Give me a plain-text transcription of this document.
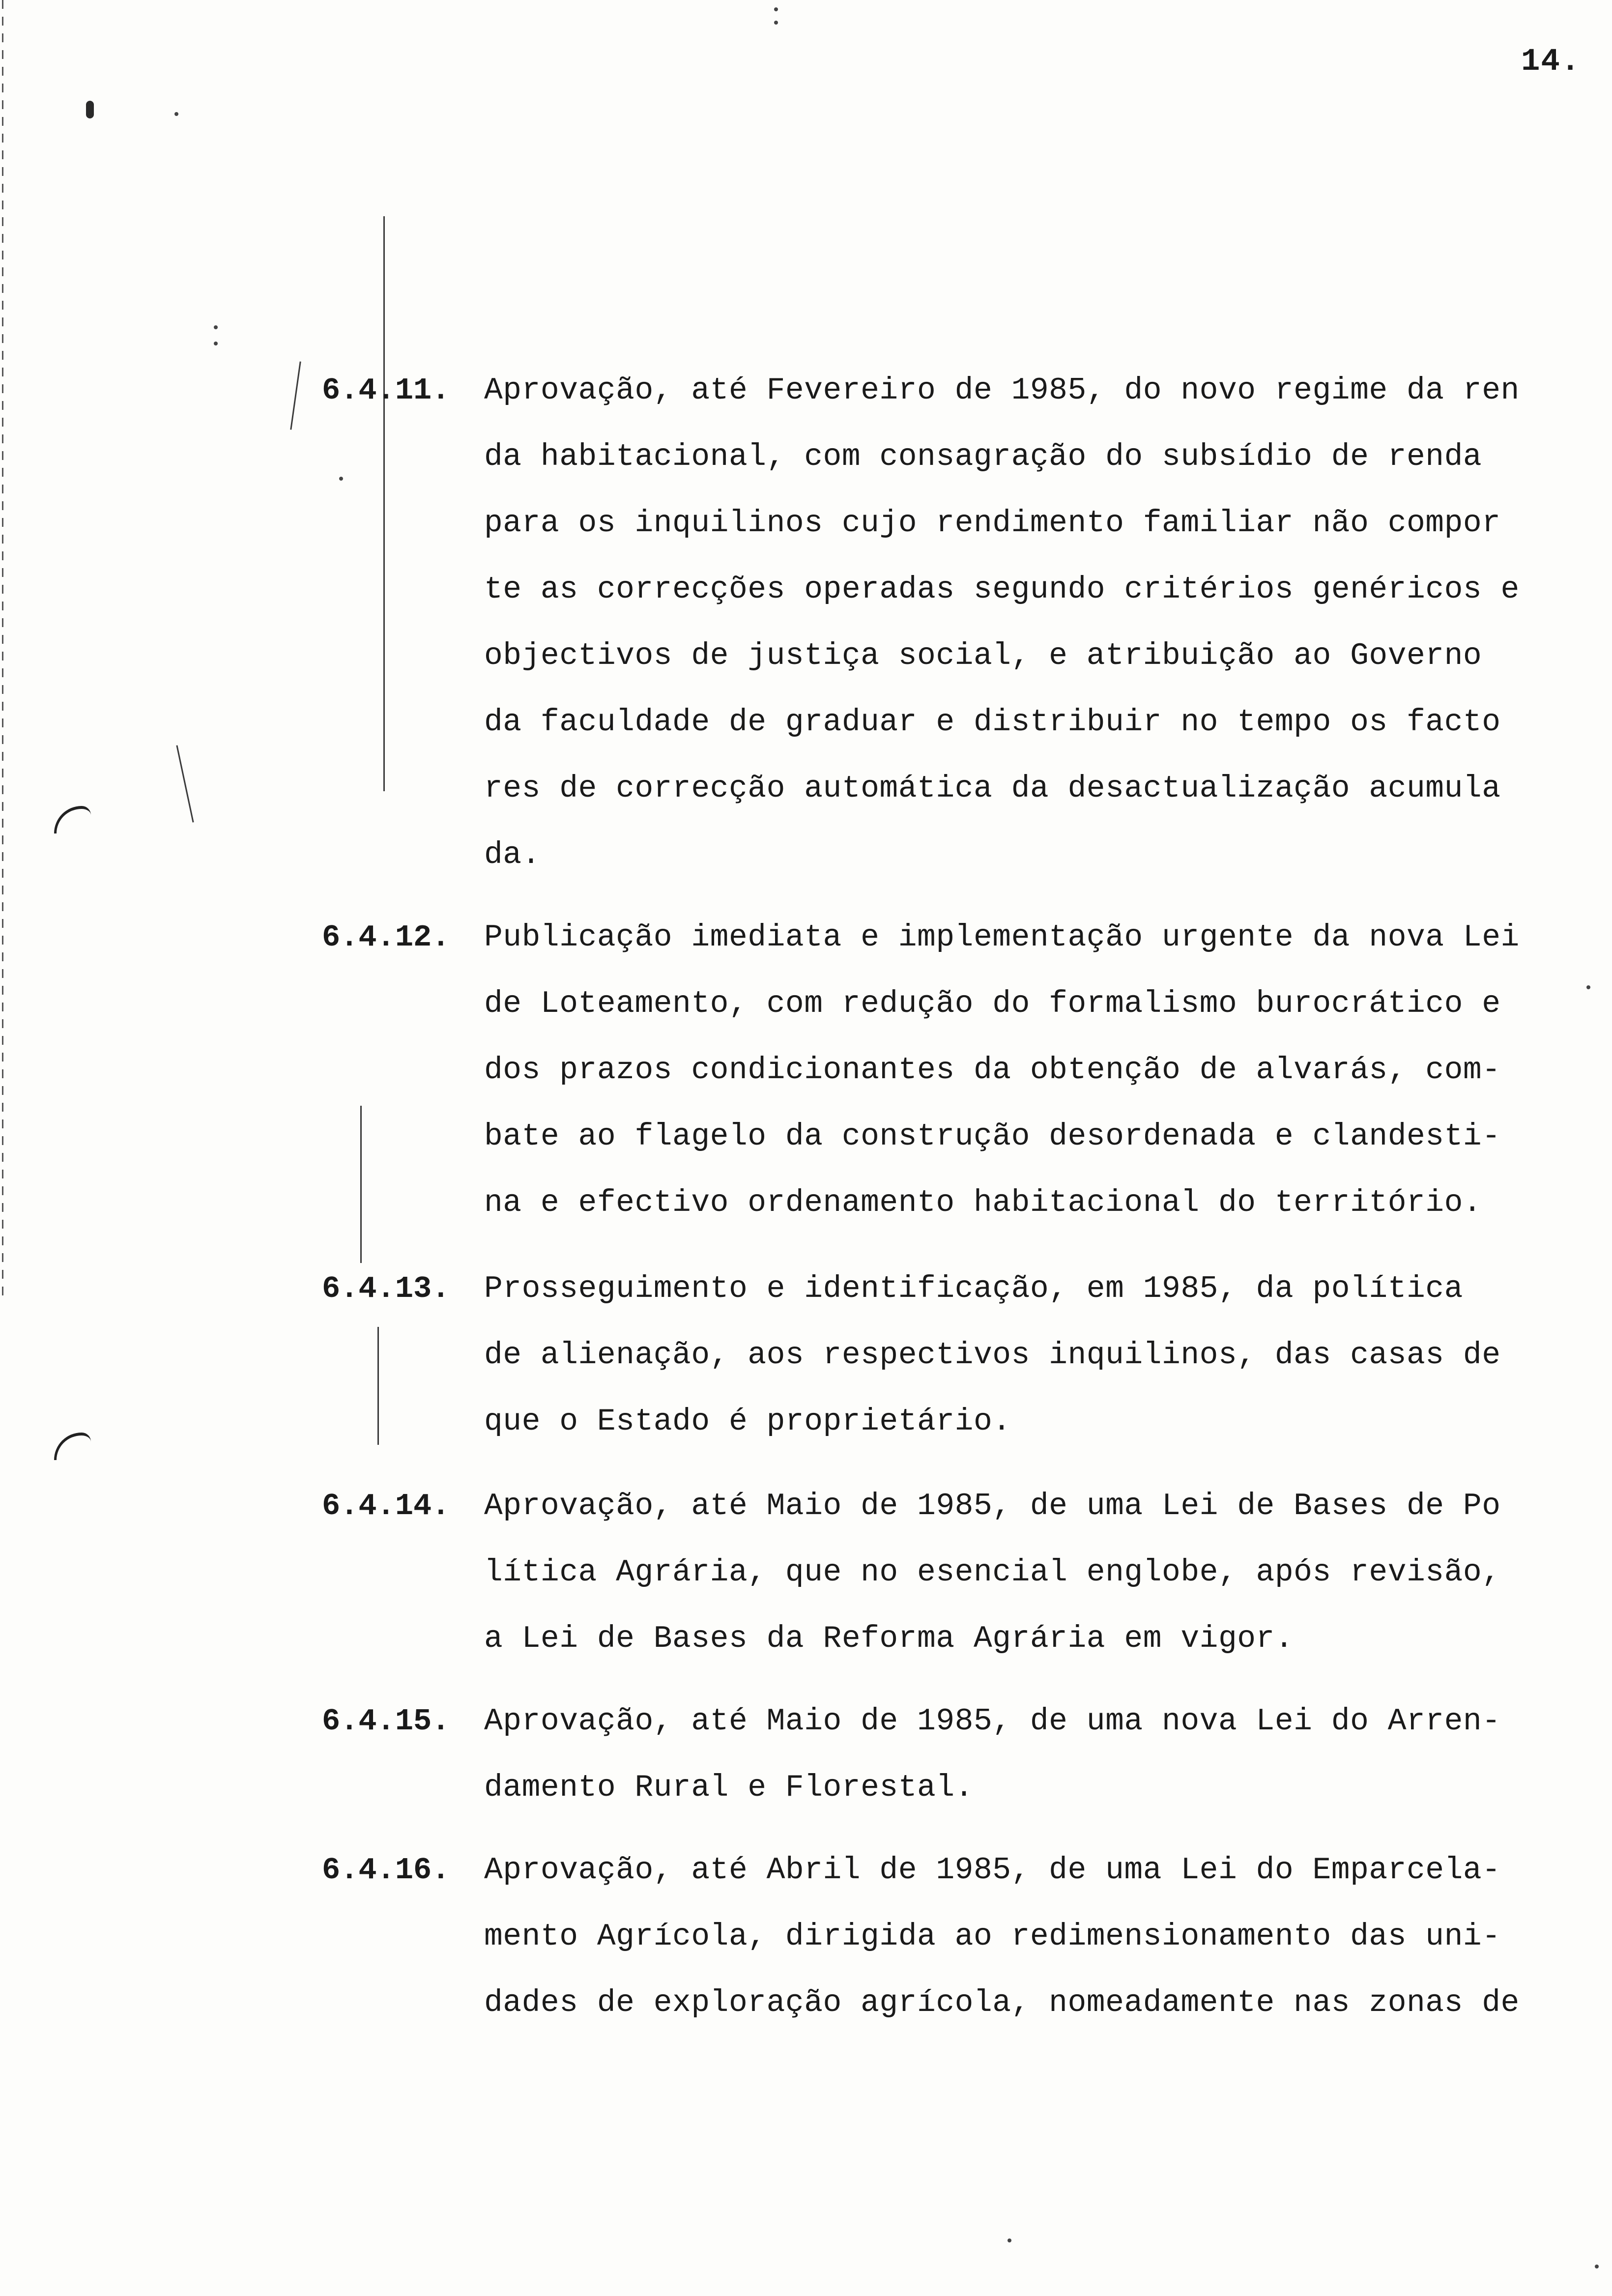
14.
6.4.11. Aprovação, até Fevereiro de 1985, do novo regime da ren
da habitacional, com consagração do subsídio de renda
para os inquilinos cujo rendimento familiar não compor
te as correcções operadas segundo critérios genéricos e
objectivos de justiça social, e atribuição ao Governo
da faculdade de graduar e distribuir no tempo os facto
res de correcção automática da desactualização acumula
da.
6.4.12. Publicação imediata e implementação urgente da nova Lei
de Loteamento, com redução do formalismo burocrático e
dos prazos condicionantes da obtenção de alvarás, com-
bate ao flagelo da construção desordenada e clandesti-
na e efectivo ordenamento habitacional do território.
6.4.13. Prosseguimento e identificação, em 1985, da política
de alienação, aos respectivos inquilinos, das casas de
que o Estado é proprietário.
6.4.14. Aprovação, até Maio de 1985, de uma Lei de Bases de Po
lítica Agrária, que no esencial englobe, após revisão,
a Lei de Bases da Reforma Agrária em vigor.
6.4.15. Aprovação, até Maio de 1985, de uma nova Lei do Arren-
damento Rural e Florestal.
6.4.16. Aprovação, até Abril de 1985, de uma Lei do Emparcela-
mento Agrícola, dirigida ao redimensionamento das uni-
dades de exploração agrícola, nomeadamente nas zonas de
